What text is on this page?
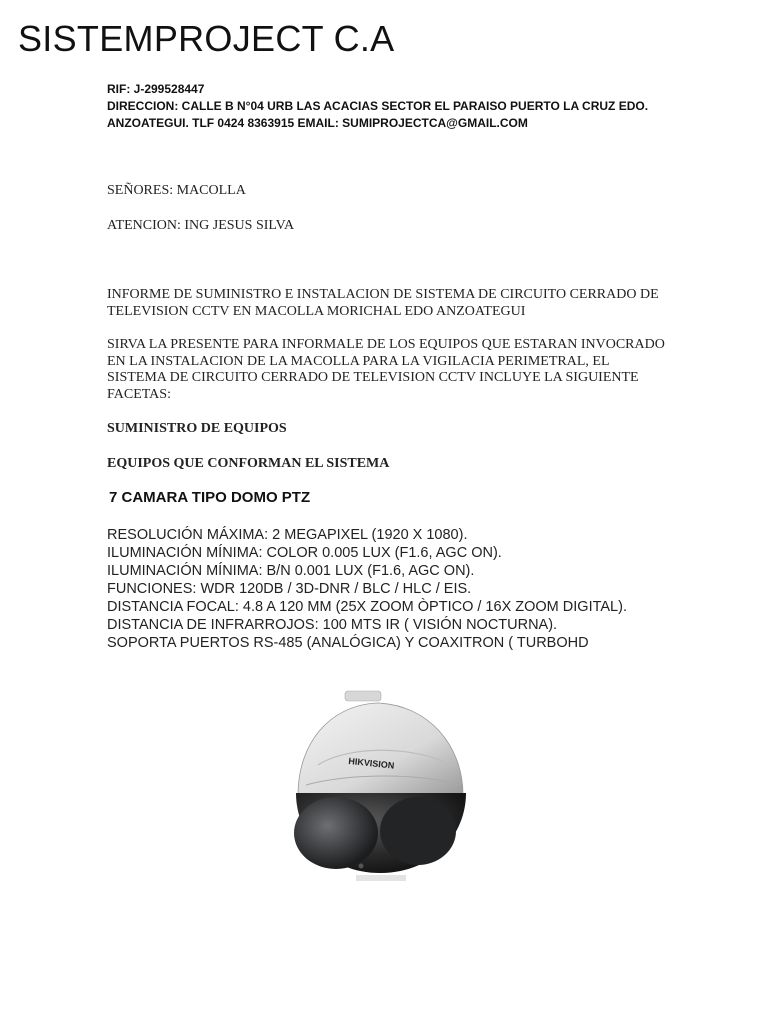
SISTEMPROJECT C.A
RIF: J-299528447
DIRECCION: CALLE B N°04 URB LAS ACACIAS SECTOR EL PARAISO PUERTO LA CRUZ EDO.
ANZOATEGUI. TLF 0424 8363915 EMAIL: SUMIPROJECTCA@GMAIL.COM
SEÑORES: MACOLLA
ATENCION: ING JESUS SILVA
INFORME DE SUMINISTRO E INSTALACION DE SISTEMA DE CIRCUITO CERRADO DE TELEVISION CCTV EN MACOLLA MORICHAL EDO ANZOATEGUI
SIRVA LA PRESENTE PARA INFORMALE DE LOS EQUIPOS QUE ESTARAN INVOCRADO EN LA INSTALACION DE LA MACOLLA PARA LA VIGILACIA PERIMETRAL, EL SISTEMA DE CIRCUITO CERRADO DE TELEVISION CCTV INCLUYE LA SIGUIENTE FACETAS:
SUMINISTRO DE EQUIPOS
EQUIPOS QUE CONFORMAN EL SISTEMA
7 CAMARA TIPO DOMO PTZ
RESOLUCIÓN MÁXIMA: 2 MEGAPIXEL (1920 X 1080).
ILUMINACIÓN MÍNIMA: COLOR 0.005 LUX (F1.6, AGC ON).
ILUMINACIÓN MÍNIMA: B/N 0.001 LUX (F1.6, AGC ON).
FUNCIONES: WDR 120DB / 3D-DNR / BLC / HLC / EIS.
DISTANCIA FOCAL: 4.8 A 120 MM (25X ZOOM ÒPTICO / 16X ZOOM DIGITAL).
DISTANCIA DE INFRARROJOS: 100 MTS IR ( VISIÓN NOCTURNA).
SOPORTA PUERTOS RS-485 (ANALÓGICA) Y COAXITRON ( TURBOHD
HIKVISION
